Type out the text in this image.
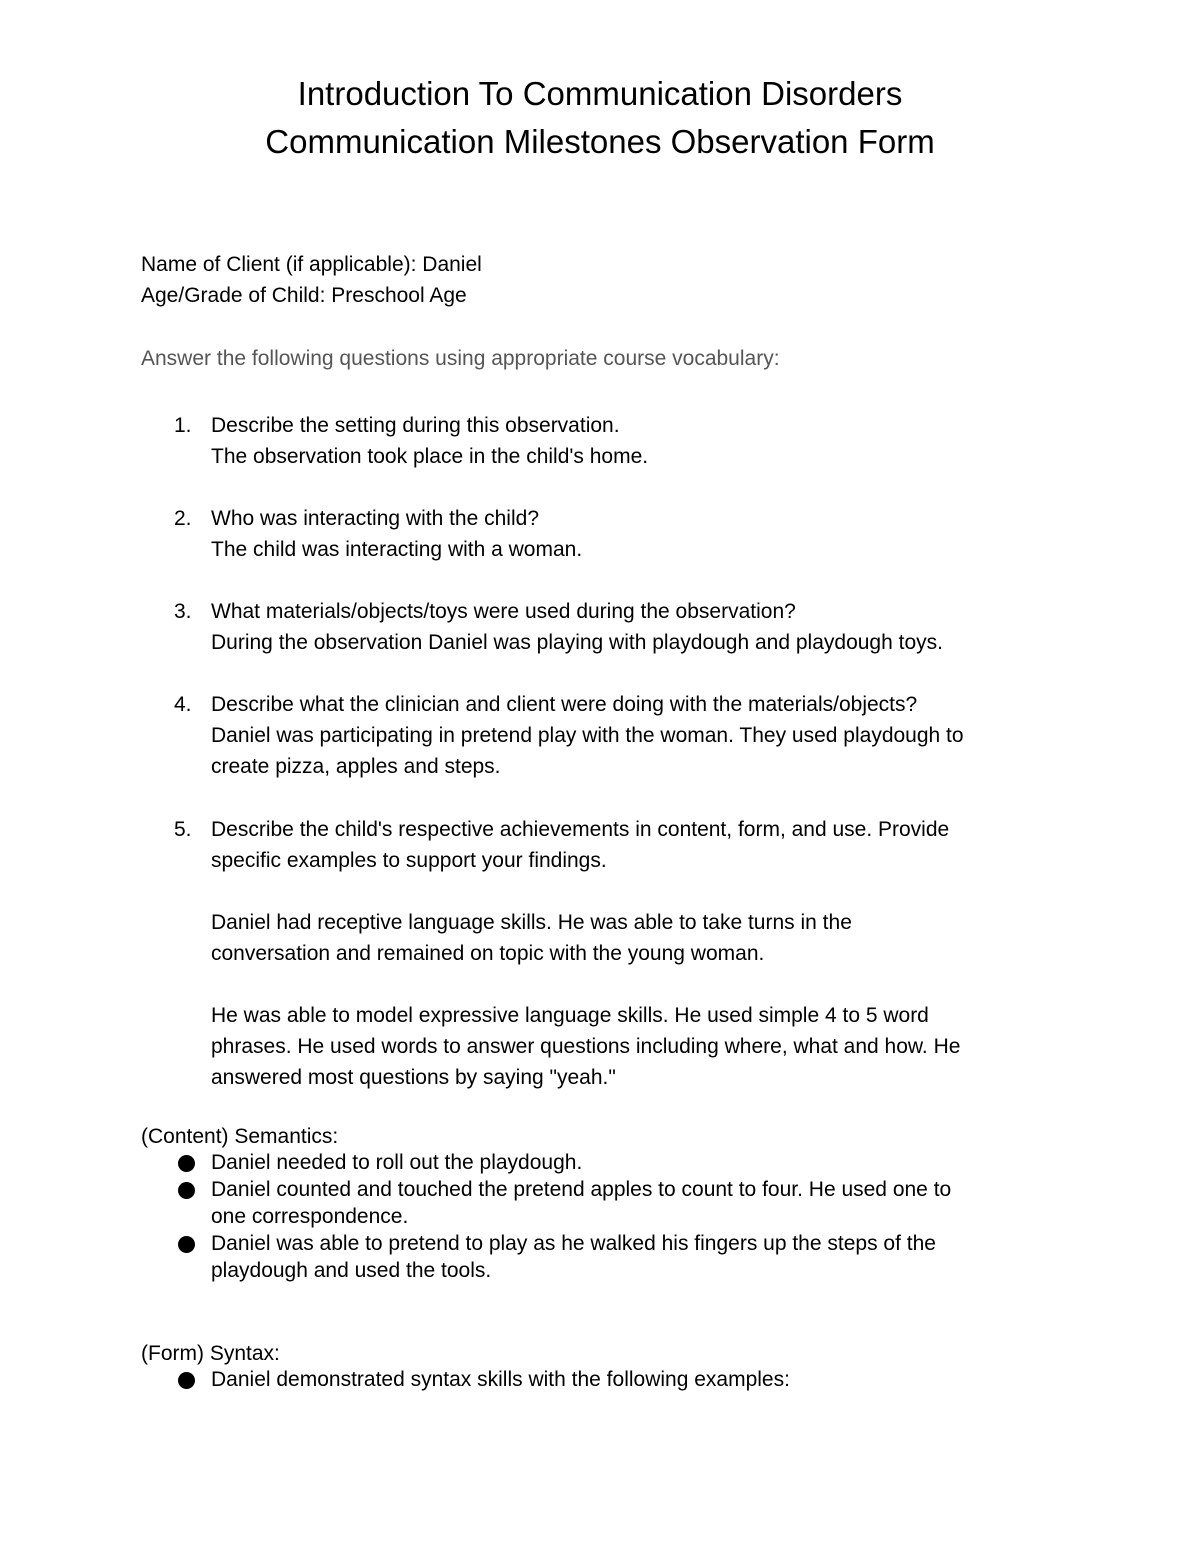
Introduction To Communication Disorders
Communication Milestones Observation Form
Name of Client (if applicable): Daniel
Age/Grade of Child: Preschool Age
Answer the following questions using appropriate course vocabulary:
1. Describe the setting during this observation.
The observation took place in the child's home.
2. Who was interacting with the child?
The child was interacting with a woman.
3. What materials/objects/toys were used during the observation?
During the observation Daniel was playing with playdough and playdough toys.
4. Describe what the clinician and client were doing with the materials/objects?
Daniel was participating in pretend play with the woman. They used playdough to
create pizza, apples and steps.
5. Describe the child's respective achievements in content, form, and use. Provide
specific examples to support your findings.
Daniel had receptive language skills. He was able to take turns in the
conversation and remained on topic with the young woman.
He was able to model expressive language skills. He used simple 4 to 5 word
phrases. He used words to answer questions including where, what and how. He
answered most questions by saying "yeah."
(Content) Semantics:
Daniel needed to roll out the playdough.
Daniel counted and touched the pretend apples to count to four. He used one to
one correspondence.
Daniel was able to pretend to play as he walked his fingers up the steps of the
playdough and used the tools.
(Form) Syntax:
Daniel demonstrated syntax skills with the following examples:
